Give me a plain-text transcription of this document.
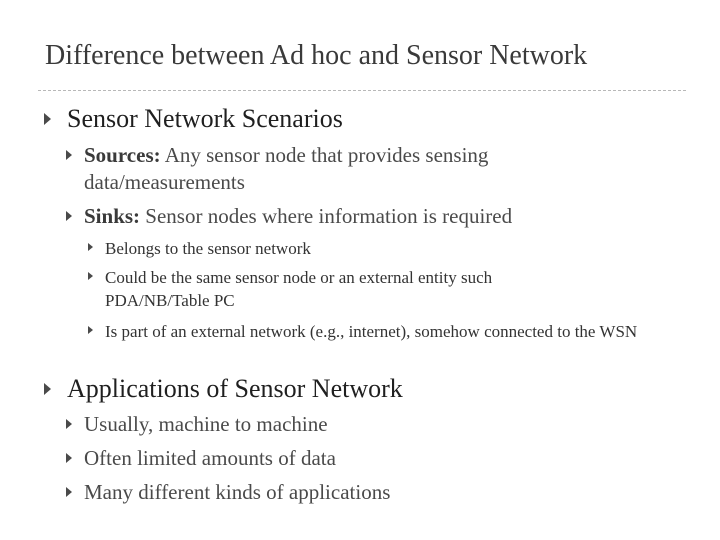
Difference between Ad hoc and Sensor Network
Sensor Network Scenarios
Sources: Any sensor node that provides sensing data/measurements
Sinks: Sensor nodes where information is required
Belongs to the sensor network
Could be the same sensor node or an external entity such PDA/NB/Table PC
Is part of an external network (e.g., internet), somehow connected to the WSN
Applications of Sensor Network
Usually, machine to machine
Often limited amounts of data
Many different kinds of applications
